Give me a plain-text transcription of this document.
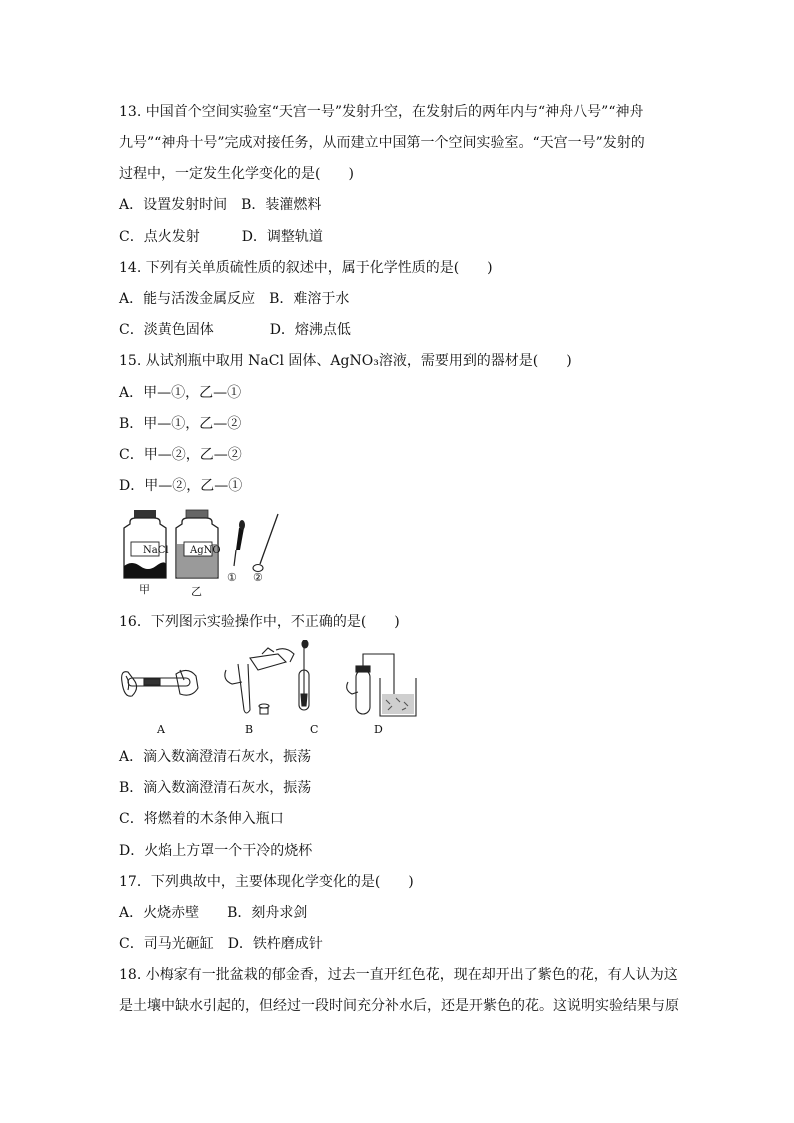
13. 中国首个空间实验室“天宫一号”发射升空，在发射后的两年内与“神舟八号”“神舟
九号”“神舟十号”完成对接任务，从而建立中国第一个空间实验室。“天宫一号”发射的
过程中，一定发生化学变化的是(　　)
A．设置发射时间　B．装灌燃料
C．点火发射　　　D．调整轨道
14. 下列有关单质硫性质的叙述中，属于化学性质的是(　　)
A．能与活泼金属反应　B．难溶于水
C．淡黄色固体　　　　D．熔沸点低
15. 从试剂瓶中取用 NaCl 固体、AgNO₃溶液，需要用到的器材是(　　)
A．甲—①，乙—①
B．甲—①，乙—②
C．甲—②，乙—②
D．甲—②，乙—①
NaCl AgNO
甲	乙
① ②
16．下列图示实验操作中，不正确的是(　　)
A	B	C	D
A．滴入数滴澄清石灰水，振荡
B．滴入数滴澄清石灰水，振荡
C．将燃着的木条伸入瓶口
D．火焰上方罩一个干冷的烧杯
17．下列典故中，主要体现化学变化的是(　　)
A．火烧赤壁　　B．刻舟求剑
C．司马光砸缸　D．铁杵磨成针
18. 小梅家有一批盆栽的郁金香，过去一直开红色花，现在却开出了紫色的花，有人认为这
是土壤中缺水引起的，但经过一段时间充分补水后，还是开紫色的花。这说明实验结果与原
